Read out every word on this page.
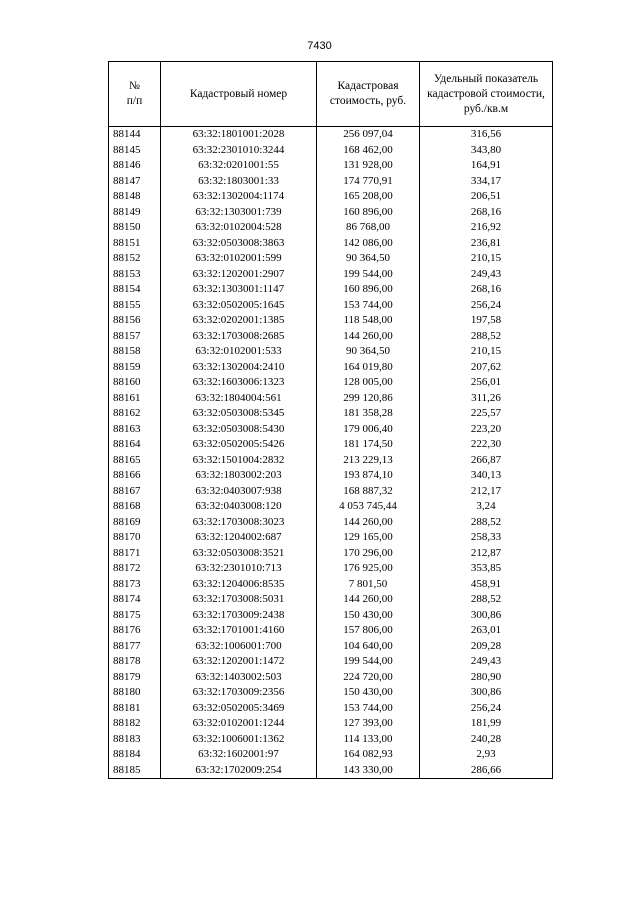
7430
№
п/п	Кадастровый номер	Кадастровая стоимость, руб.	Удельный показатель кадастровой стоимости, руб./кв.м
88144	63:32:1801001:2028	256 097,04	316,56
88145	63:32:2301010:3244	168 462,00	343,80
88146	63:32:0201001:55	131 928,00	164,91
88147	63:32:1803001:33	174 770,91	334,17
88148	63:32:1302004:1174	165 208,00	206,51
88149	63:32:1303001:739	160 896,00	268,16
88150	63:32:0102004:528	86 768,00	216,92
88151	63:32:0503008:3863	142 086,00	236,81
88152	63:32:0102001:599	90 364,50	210,15
88153	63:32:1202001:2907	199 544,00	249,43
88154	63:32:1303001:1147	160 896,00	268,16
88155	63:32:0502005:1645	153 744,00	256,24
88156	63:32:0202001:1385	118 548,00	197,58
88157	63:32:1703008:2685	144 260,00	288,52
88158	63:32:0102001:533	90 364,50	210,15
88159	63:32:1302004:2410	164 019,80	207,62
88160	63:32:1603006:1323	128 005,00	256,01
88161	63:32:1804004:561	299 120,86	311,26
88162	63:32:0503008:5345	181 358,28	225,57
88163	63:32:0503008:5430	179 006,40	223,20
88164	63:32:0502005:5426	181 174,50	222,30
88165	63:32:1501004:2832	213 229,13	266,87
88166	63:32:1803002:203	193 874,10	340,13
88167	63:32:0403007:938	168 887,32	212,17
88168	63:32:0403008:120	4 053 745,44	3,24
88169	63:32:1703008:3023	144 260,00	288,52
88170	63:32:1204002:687	129 165,00	258,33
88171	63:32:0503008:3521	170 296,00	212,87
88172	63:32:2301010:713	176 925,00	353,85
88173	63:32:1204006:8535	7 801,50	458,91
88174	63:32:1703008:5031	144 260,00	288,52
88175	63:32:1703009:2438	150 430,00	300,86
88176	63:32:1701001:4160	157 806,00	263,01
88177	63:32:1006001:700	104 640,00	209,28
88178	63:32:1202001:1472	199 544,00	249,43
88179	63:32:1403002:503	224 720,00	280,90
88180	63:32:1703009:2356	150 430,00	300,86
88181	63:32:0502005:3469	153 744,00	256,24
88182	63:32:0102001:1244	127 393,00	181,99
88183	63:32:1006001:1362	114 133,00	240,28
88184	63:32:1602001:97	164 082,93	2,93
88185	63:32:1702009:254	143 330,00	286,66
